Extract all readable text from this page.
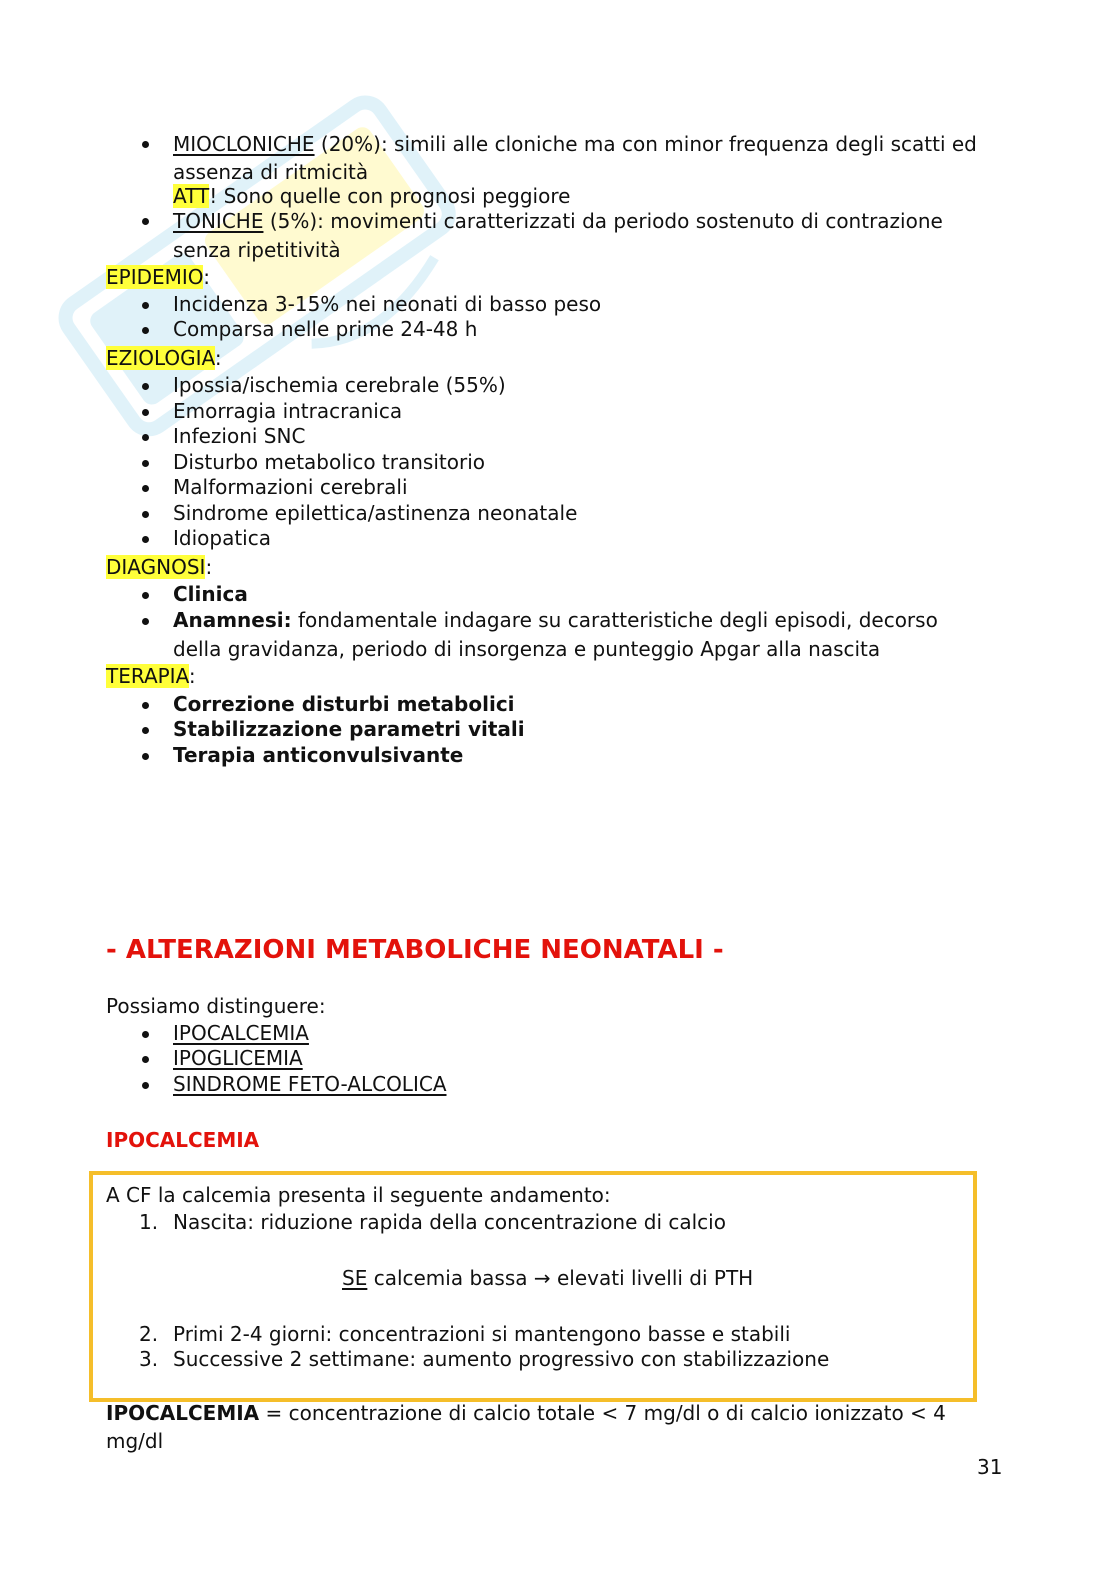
MIOCLONICHE (20%): simili alle cloniche ma con minor frequenza degli scatti ed
assenza di ritmicità
ATT! Sono quelle con prognosi peggiore
TONICHE (5%): movimenti caratterizzati da periodo sostenuto di contrazione
senza ripetitività
EPIDEMIO:
Incidenza 3-15% nei neonati di basso peso
Comparsa nelle prime 24-48 h
EZIOLOGIA:
Ipossia/ischemia cerebrale (55%)
Emorragia intracranica
Infezioni SNC
Disturbo metabolico transitorio
Malformazioni cerebrali
Sindrome epilettica/astinenza neonatale
Idiopatica
DIAGNOSI:
Clinica
Anamnesi: fondamentale indagare su caratteristiche degli episodi, decorso
della gravidanza, periodo di insorgenza e punteggio Apgar alla nascita
TERAPIA:
Correzione disturbi metabolici
Stabilizzazione parametri vitali
Terapia anticonvulsivante
- ALTERAZIONI METABOLICHE NEONATALI -
Possiamo distinguere:
IPOCALCEMIA
IPOGLICEMIA
SINDROME FETO-ALCOLICA
IPOCALCEMIA
A CF la calcemia presenta il seguente andamento:
1. Nascita: riduzione rapida della concentrazione di calcio
SE calcemia bassa → elevati livelli di PTH
2. Primi 2-4 giorni: concentrazioni si mantengono basse e stabili
3. Successive 2 settimane: aumento progressivo con stabilizzazione
IPOCALCEMIA = concentrazione di calcio totale < 7 mg/dl o di calcio ionizzato < 4
mg/dl
31
